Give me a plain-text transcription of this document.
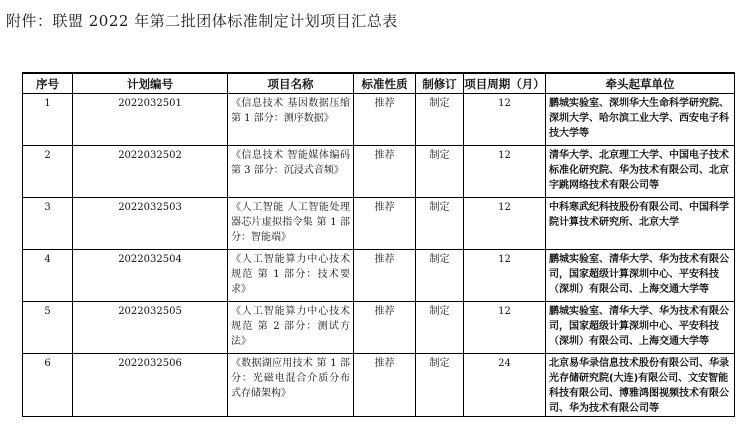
附件：联盟 2022 年第二批团体标准制定计划项目汇总表
序号	计划编号	项目名称	标准性质	制修订	项目周期（月）	牵头起草单位
1	2022032501	《信息技术 基因数据压缩 第 1 部分：测序数据》	推荐	制定	12	鹏城实验室、深圳华大生命科学研究院、深圳大学、哈尔滨工业大学、西安电子科技大学等
2	2022032502	《信息技术 智能媒体编码 第 3 部分：沉浸式音频》	推荐	制定	12	清华大学、北京理工大学、中国电子技术标准化研究院、华为技术有限公司、北京字跳网络技术有限公司等
3	2022032503	《人工智能 人工智能处理器芯片虚拟指令集 第 1 部分：智能端》	推荐	制定	12	中科寒武纪科技股份有限公司、中国科学院计算技术研究所、北京大学
4	2022032504	《人工智能算力中心技术规范 第 1 部分：技术要求》	推荐	制定	12	鹏城实验室、清华大学、华为技术有限公司，国家超级计算深圳中心、平安科技（深圳）有限公司、上海交通大学等
5	2022032505	《人工智能算力中心技术规范 第 2 部分：测试方法》	推荐	制定	12	鹏城实验室、清华大学、华为技术有限公司，国家超级计算深圳中心、平安科技（深圳）有限公司、上海交通大学等
6	2022032506	《数据湖应用技术 第 1 部分：光磁电混合介质分布式存储架构》	推荐	制定	24	北京易华录信息技术股份有限公司、华录光存储研究院(大连)有限公司、文安智能科技有限公司、博雅鸿图视频技术有限公司、华为技术有限公司等
